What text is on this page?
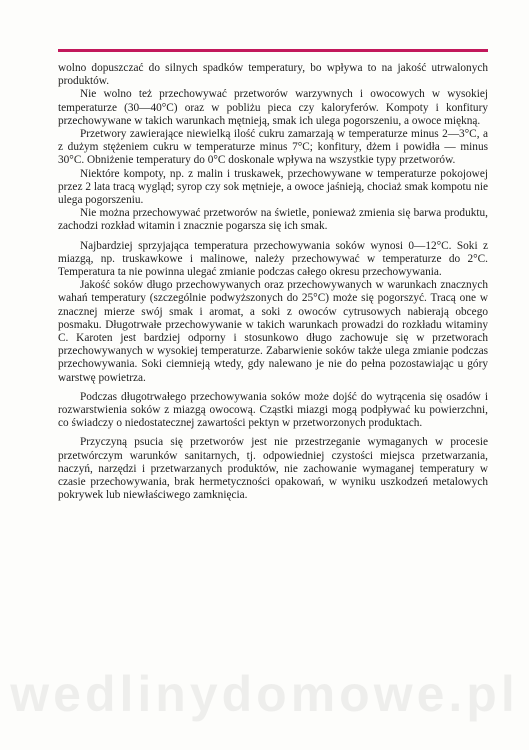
wolno dopuszczać do silnych spadków temperatury, bo wpływa to na jakość utrwalonych produktów.

Nie wolno też przechowywać przetworów warzywnych i owocowych w wysokiej temperaturze (30—40°C) oraz w pobliżu pieca czy kaloryferów. Kompoty i konfitury przechowywane w takich warunkach mętnieją, smak ich ulega pogorszeniu, a owoce miękną.

Przetwory zawierające niewielką ilość cukru zamarzają w temperaturze minus 2—3°C, a z dużym stężeniem cukru w temperaturze minus 7°C; konfitury, dżem i powidła — minus 30°C. Obniżenie temperatury do 0°C doskonale wpływa na wszystkie typy przetworów.

Niektóre kompoty, np. z malin i truskawek, przechowywane w temperaturze pokojowej przez 2 lata tracą wygląd; syrop czy sok mętnieje, a owoce jaśnieją, chociaż smak kompotu nie ulega pogorszeniu.

Nie można przechowywać przetworów na świetle, ponieważ zmienia się barwa produktu, zachodzi rozkład witamin i znacznie pogarsza się ich smak.

Najbardziej sprzyjająca temperatura przechowywania soków wynosi 0—12°C. Soki z miazgą, np. truskawkowe i malinowe, należy przechowywać w temperaturze do 2°C. Temperatura ta nie powinna ulegać zmianie podczas całego okresu przechowywania.

Jakość soków długo przechowywanych oraz przechowywanych w warunkach znacznych wahań temperatury (szczególnie podwyższonych do 25°C) może się pogorszyć. Tracą one w znacznej mierze swój smak i aromat, a soki z owoców cytrusowych nabierają obcego posmaku. Długotrwałe przechowywanie w takich warunkach prowadzi do rozkładu witaminy C. Karoten jest bardziej odporny i stosunkowo długo zachowuje się w przetworach przechowywanych w wysokiej temperaturze. Zabarwienie soków także ulega zmianie podczas przechowywania. Soki ciemnieją wtedy, gdy nalewano je nie do pełna pozostawiając u góry warstwę powietrza.

Podczas długotrwałego przechowywania soków może dojść do wytrącenia się osadów i rozwarstwienia soków z miazgą owocową. Cząstki miazgi mogą podpływać ku powierzchni, co świadczy o niedostatecznej zawartości pektyn w przetworzonych produktach.

Przyczyną psucia się przetworów jest nie przestrzeganie wymaganych w procesie przetwórczym warunków sanitarnych, tj. odpowiedniej czystości miejsca przetwarzania, naczyń, narzędzi i przetwarzanych produktów, nie zachowanie wymaganej temperatury w czasie przechowywania, brak hermetyczności opakowań, w wyniku uszkodzeń metalowych pokrywek lub niewłaściwego zamknięcia.

wedlinydomowe.pl
